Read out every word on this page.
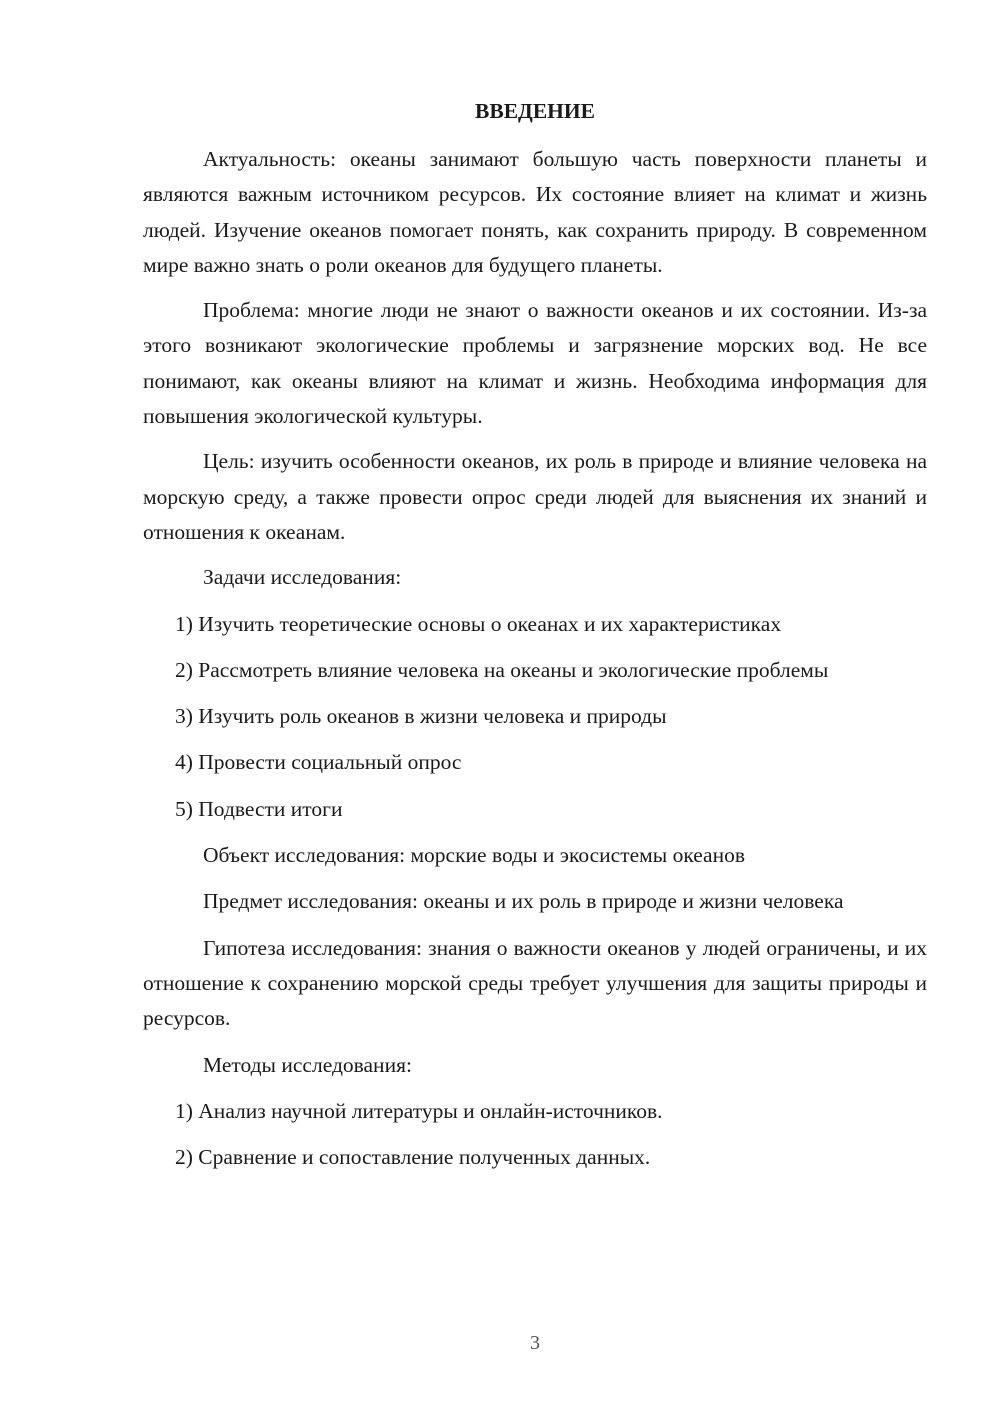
ВВЕДЕНИЕ

Актуальность: океаны занимают большую часть поверхности планеты и являются важным источником ресурсов. Их состояние влияет на климат и жизнь людей. Изучение океанов помогает понять, как сохранить природу. В современном мире важно знать о роли океанов для будущего планеты.

Проблема: многие люди не знают о важности океанов и их состоянии. Из-за этого возникают экологические проблемы и загрязнение морских вод. Не все понимают, как океаны влияют на климат и жизнь. Необходима информация для повышения экологической культуры.

Цель: изучить особенности океанов, их роль в природе и влияние человека на морскую среду, а также провести опрос среди людей для выяснения их знаний и отношения к океанам.

Задачи исследования:

1) Изучить теоретические основы о океанах и их характеристиках

2) Рассмотреть влияние человека на океаны и экологические проблемы

3) Изучить роль океанов в жизни человека и природы

4) Провести социальный опрос

5) Подвести итоги

Объект исследования: морские воды и экосистемы океанов

Предмет исследования: океаны и их роль в природе и жизни человека

Гипотеза исследования: знания о важности океанов у людей ограничены, и их отношение к сохранению морской среды требует улучшения для защиты природы и ресурсов.

Методы исследования:

1) Анализ научной литературы и онлайн-источников.

2) Сравнение и сопоставление полученных данных.

3
